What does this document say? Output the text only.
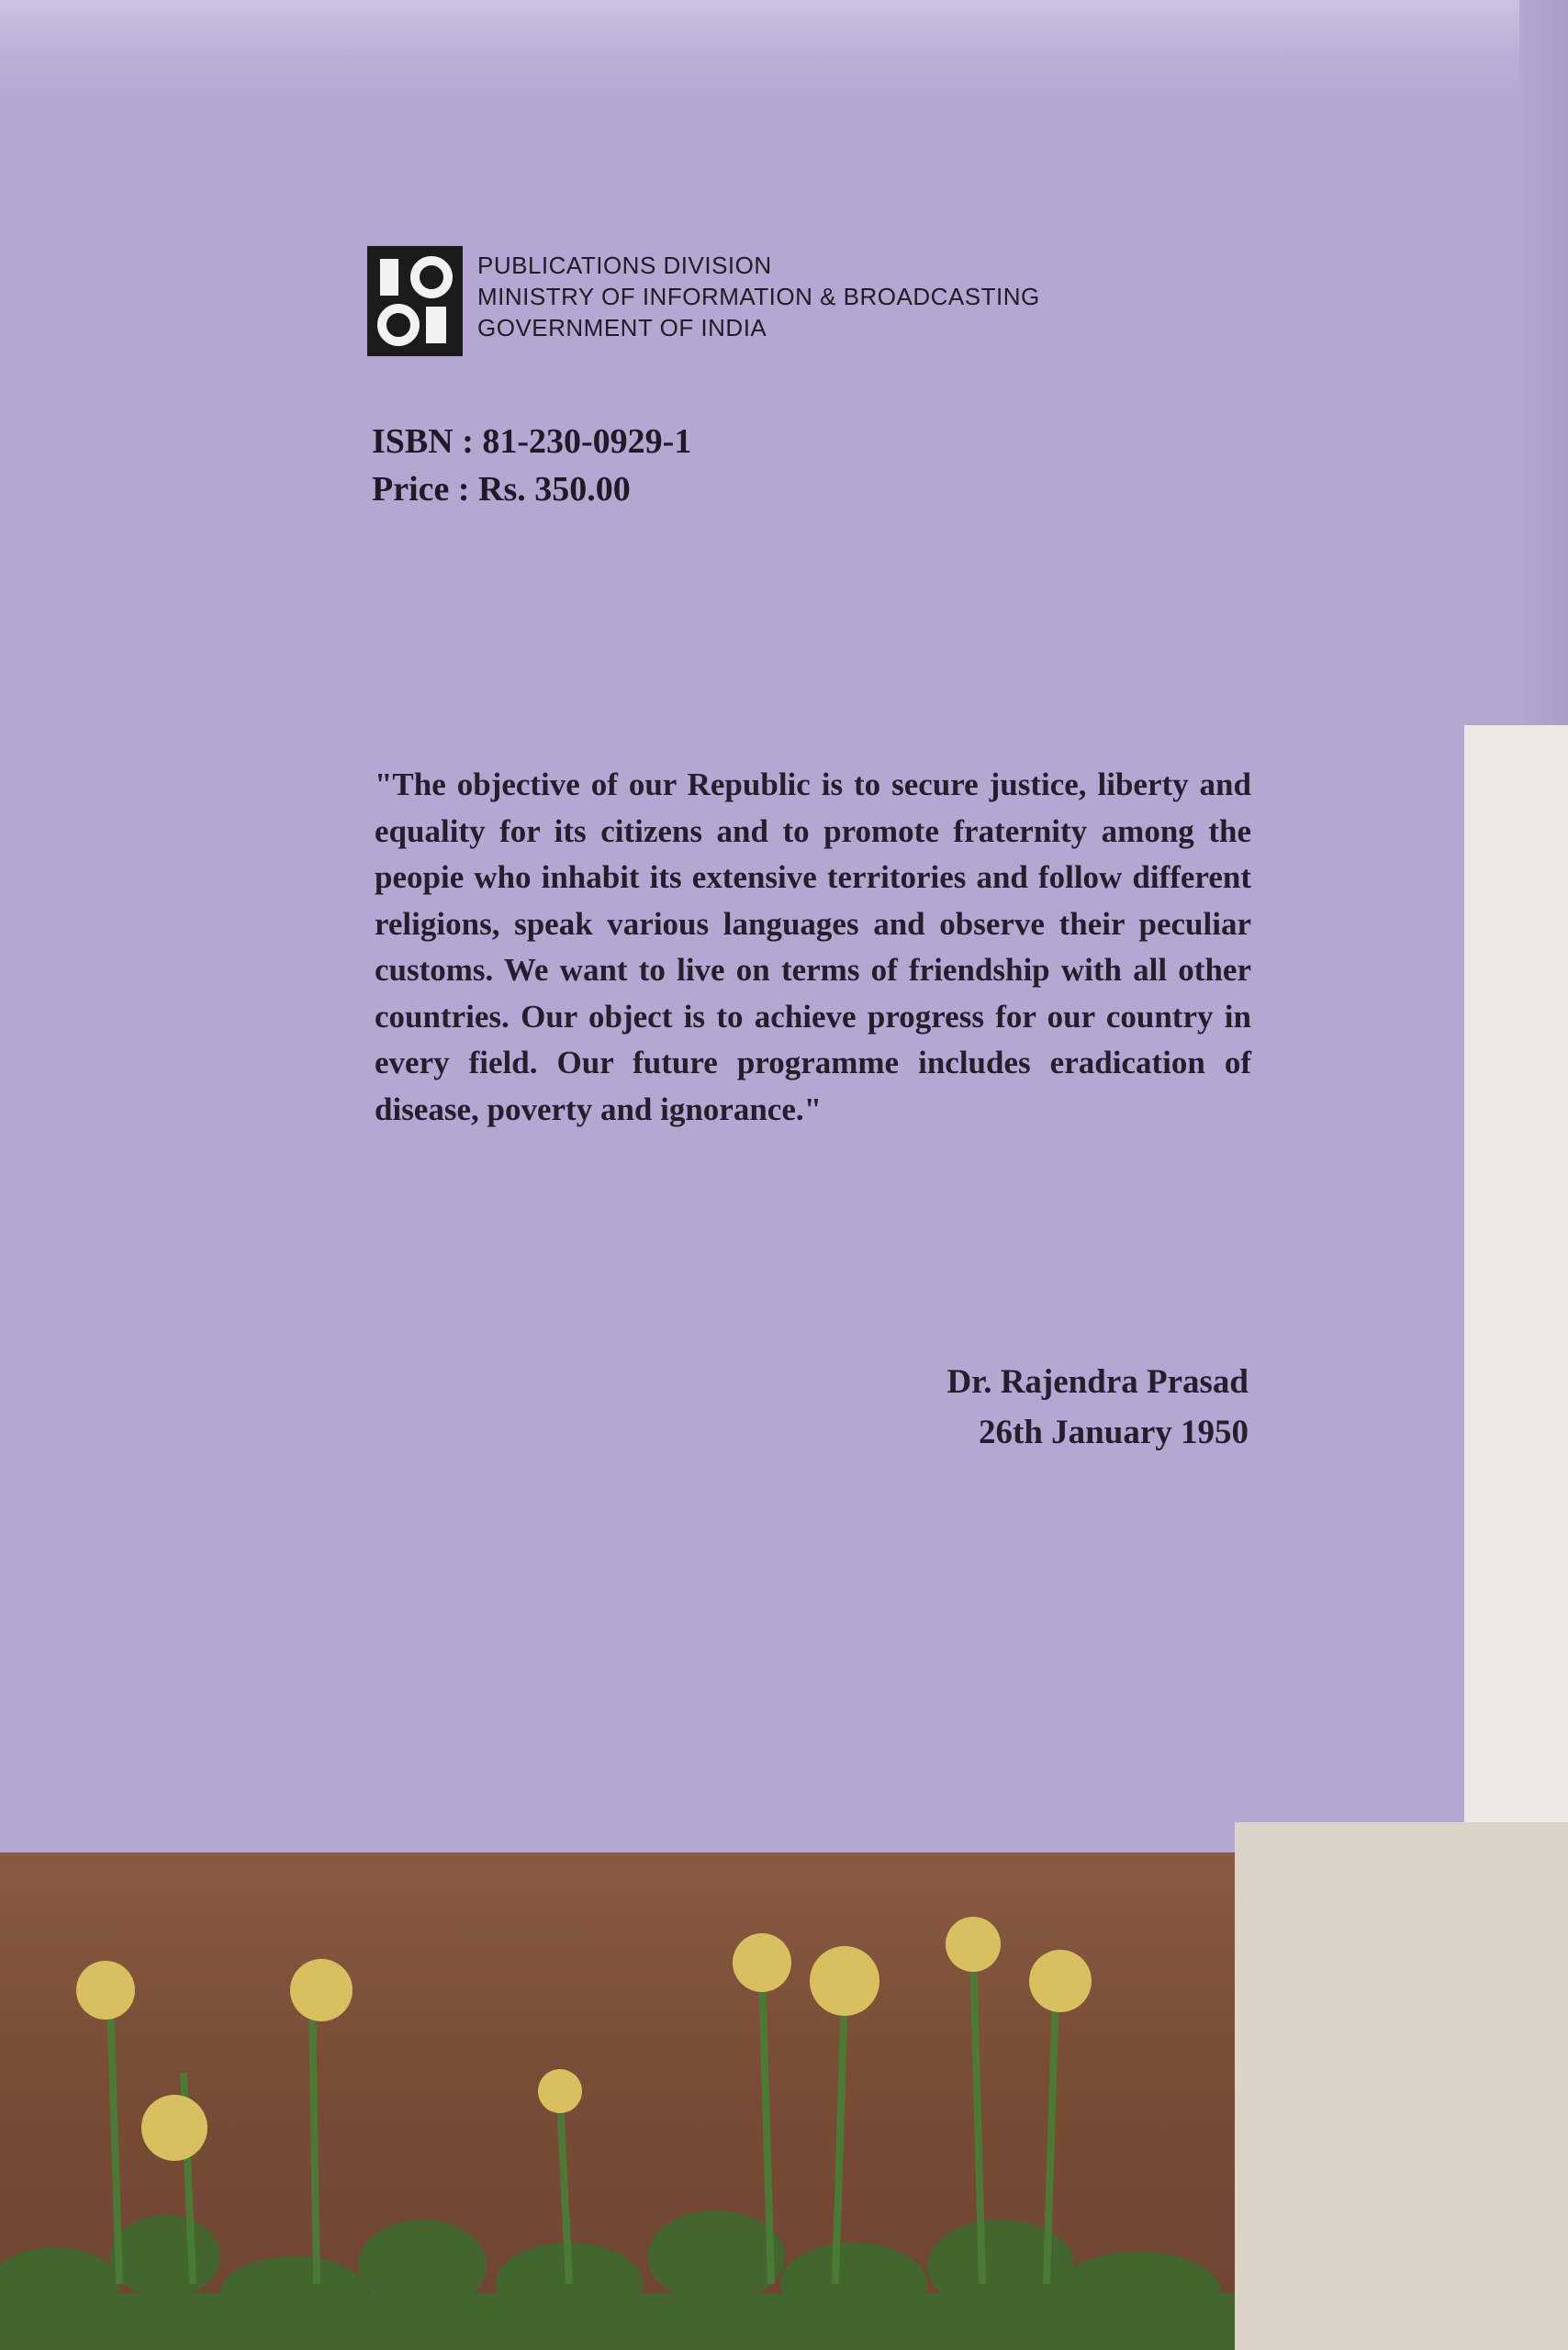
PUBLICATIONS DIVISION
MINISTRY OF INFORMATION & BROADCASTING
GOVERNMENT OF INDIA
ISBN : 81-230-0929-1
Price : Rs. 350.00
"The objective of our Republic is to secure justice, liberty and equality for its citizens and to promote fraternity among the peopie who inhabit its extensive territories and follow different religions, speak various languages and observe their peculiar customs. We want to live on terms of friendship with all other countries. Our object is to achieve progress for our country in every field. Our future programme includes eradication of disease, poverty and ignorance."
Dr. Rajendra Prasad
26th January 1950
